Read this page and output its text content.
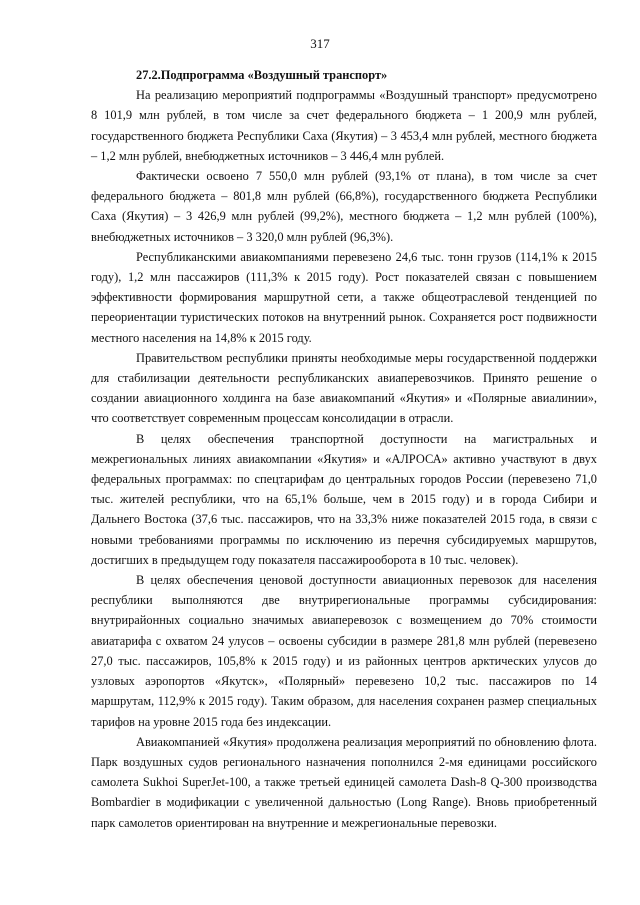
317

27.2.Подпрограмма «Воздушный транспорт»

На реализацию мероприятий подпрограммы «Воздушный транспорт» предусмотрено 8 101,9 млн рублей, в том числе за счет федерального бюджета – 1 200,9 млн рублей, государственного бюджета Республики Саха (Якутия) – 3 453,4 млн рублей, местного бюджета – 1,2 млн рублей, внебюджетных источников – 3 446,4 млн рублей.

Фактически освоено 7 550,0 млн рублей (93,1% от плана), в том числе за счет федерального бюджета – 801,8 млн рублей (66,8%), государственного бюджета Республики Саха (Якутия) – 3 426,9 млн рублей (99,2%), местного бюджета – 1,2 млн рублей (100%), внебюджетных источников – 3 320,0 млн рублей (96,3%).

Республиканскими авиакомпаниями перевезено 24,6 тыс. тонн грузов (114,1% к 2015 году), 1,2 млн пассажиров (111,3% к 2015 году). Рост показателей связан с повышением эффективности формирования маршрутной сети, а также общеотраслевой тенденцией по переориентации туристических потоков на внутренний рынок. Сохраняется рост подвижности местного населения на 14,8% к 2015 году.

Правительством республики приняты необходимые меры государственной поддержки для стабилизации деятельности республиканских авиаперевозчиков. Принято решение о создании авиационного холдинга на базе авиакомпаний «Якутия» и «Полярные авиалинии», что соответствует современным процессам консолидации в отрасли.

В целях обеспечения транспортной доступности на магистральных и межрегиональных линиях авиакомпании «Якутия» и «АЛРОСА» активно участвуют в двух федеральных программах: по спецтарифам до центральных городов России (перевезено 71,0 тыс. жителей республики, что на 65,1% больше, чем в 2015 году) и в города Сибири и Дальнего Востока (37,6 тыс. пассажиров, что на 33,3% ниже показателей 2015 года, в связи с новыми требованиями программы по исключению из перечня субсидируемых маршрутов, достигших в предыдущем году показателя пассажирооборота в 10 тыс. человек).

В целях обеспечения ценовой доступности авиационных перевозок для населения республики выполняются две внутрирегиональные программы субсидирования: внутрирайонных социально значимых авиаперевозок с возмещением до 70% стоимости авиатарифа с охватом 24 улусов – освоены субсидии в размере 281,8 млн рублей (перевезено 27,0 тыс. пассажиров, 105,8% к 2015 году) и из районных центров арктических улусов до узловых аэропортов «Якутск», «Полярный» перевезено 10,2 тыс. пассажиров по 14 маршрутам, 112,9% к 2015 году). Таким образом, для населения сохранен размер специальных тарифов на уровне 2015 года без индексации.

Авиакомпанией «Якутия» продолжена реализация мероприятий по обновлению флота. Парк воздушных судов регионального назначения пополнился 2-мя единицами российского самолета Sukhoi SuperJet-100, а также третьей единицей самолета Dash-8 Q-300 производства Bombardier в модификации с увеличенной дальностью (Long Range). Вновь приобретенный парк самолетов ориентирован на внутренние и межрегиональные перевозки.
